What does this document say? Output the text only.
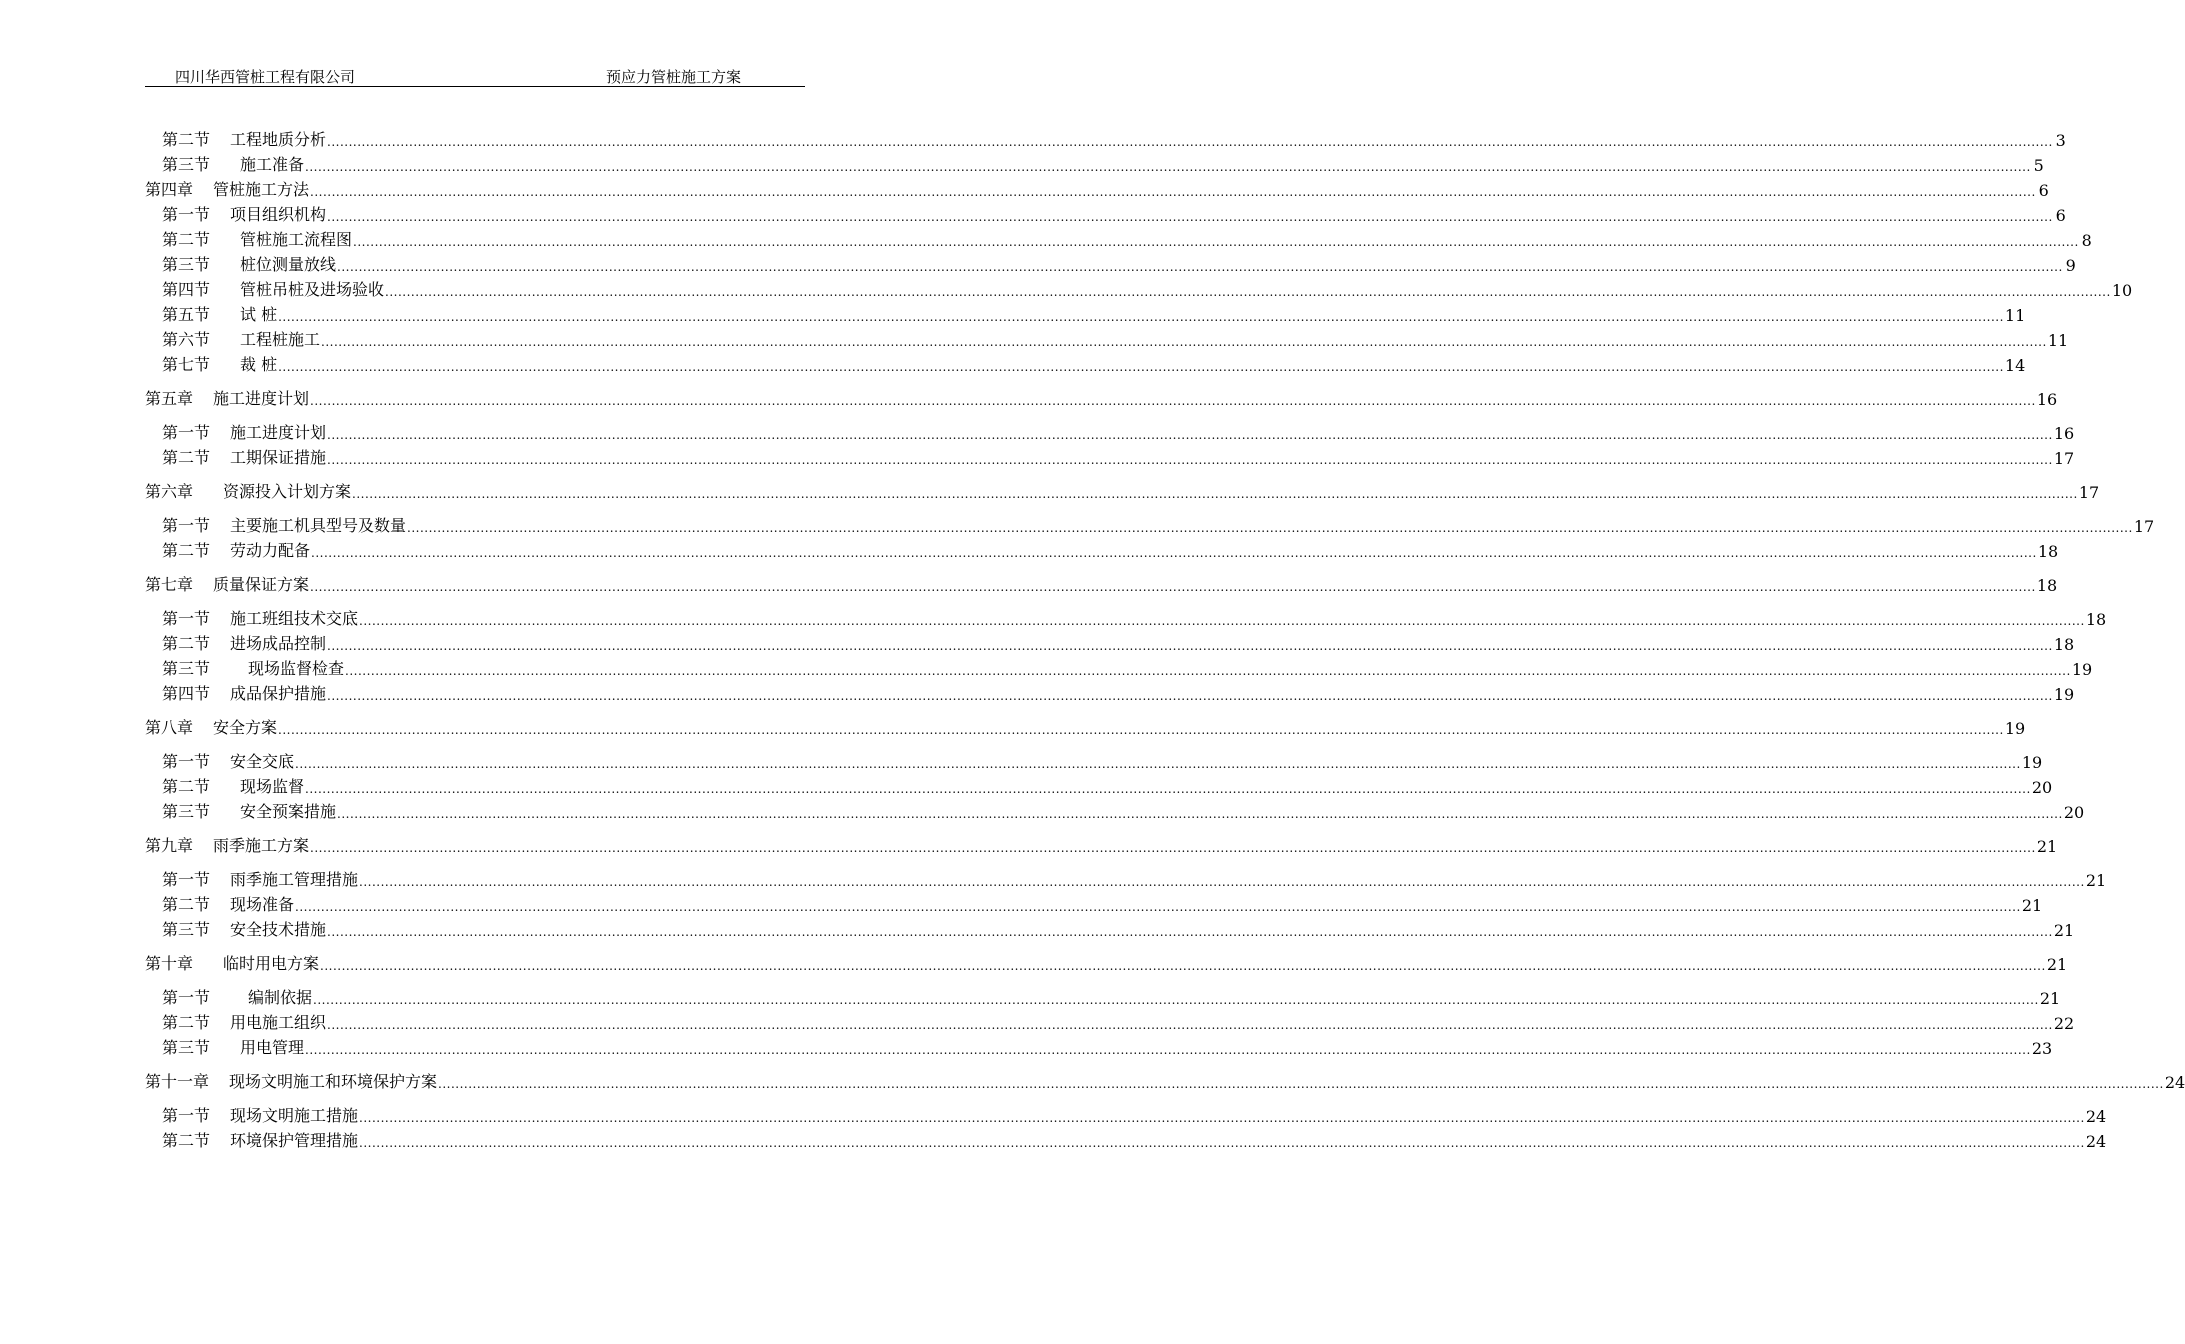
四川华西管桩工程有限公司	预应力管桩施工方案
第二节 工程地质分析 ................................................................................................................................................................................................................................................................................................................................................................................................................ 3
第三节 施工准备 ................................................................................................................................................................................................................................................................................................................................................................................................................ 5
第四章 管桩施工方法 ................................................................................................................................................................................................................................................................................................................................................................................................................ 6
第一节 项目组织机构 ................................................................................................................................................................................................................................................................................................................................................................................................................ 6
第二节 管桩施工流程图 ................................................................................................................................................................................................................................................................................................................................................................................................................ 8
第三节 桩位测量放线 ................................................................................................................................................................................................................................................................................................................................................................................................................ 9
第四节 管桩吊桩及进场验收 ................................................................................................................................................................................................................................................................................................................................................................................................................ 10
第五节 试 桩 ................................................................................................................................................................................................................................................................................................................................................................................................................ 11
第六节 工程桩施工 ................................................................................................................................................................................................................................................................................................................................................................................................................ 11
第七节 裁 桩 ................................................................................................................................................................................................................................................................................................................................................................................................................ 14
第五章 施工进度计划 ................................................................................................................................................................................................................................................................................................................................................................................................................ 16
第一节 施工进度计划 ................................................................................................................................................................................................................................................................................................................................................................................................................ 16
第二节 工期保证措施 ................................................................................................................................................................................................................................................................................................................................................................................................................ 17
第六章 资源投入计划方案 ................................................................................................................................................................................................................................................................................................................................................................................................................ 17
第一节 主要施工机具型号及数量 ................................................................................................................................................................................................................................................................................................................................................................................................................ 17
第二节 劳动力配备 ................................................................................................................................................................................................................................................................................................................................................................................................................ 18
第七章 质量保证方案 ................................................................................................................................................................................................................................................................................................................................................................................................................ 18
第一节 施工班组技术交底 ................................................................................................................................................................................................................................................................................................................................................................................................................ 18
第二节 进场成品控制 ................................................................................................................................................................................................................................................................................................................................................................................................................ 18
第三节 现场监督检查 ................................................................................................................................................................................................................................................................................................................................................................................................................ 19
第四节 成品保护措施 ................................................................................................................................................................................................................................................................................................................................................................................................................ 19
第八章 安全方案 ................................................................................................................................................................................................................................................................................................................................................................................................................ 19
第一节 安全交底 ................................................................................................................................................................................................................................................................................................................................................................................................................ 19
第二节 现场监督 ................................................................................................................................................................................................................................................................................................................................................................................................................ 20
第三节 安全预案措施 ................................................................................................................................................................................................................................................................................................................................................................................................................ 20
第九章 雨季施工方案 ................................................................................................................................................................................................................................................................................................................................................................................................................ 21
第一节 雨季施工管理措施 ................................................................................................................................................................................................................................................................................................................................................................................................................ 21
第二节 现场准备 ................................................................................................................................................................................................................................................................................................................................................................................................................ 21
第三节 安全技术措施 ................................................................................................................................................................................................................................................................................................................................................................................................................ 21
第十章 临时用电方案 ................................................................................................................................................................................................................................................................................................................................................................................................................ 21
第一节 编制依据 ................................................................................................................................................................................................................................................................................................................................................................................................................ 21
第二节 用电施工组织 ................................................................................................................................................................................................................................................................................................................................................................................................................ 22
第三节 用电管理 ................................................................................................................................................................................................................................................................................................................................................................................................................ 23
第十一章 现场文明施工和环境保护方案 ................................................................................................................................................................................................................................................................................................................................................................................................................ 24
第一节 现场文明施工措施 ................................................................................................................................................................................................................................................................................................................................................................................................................ 24
第二节 环境保护管理措施 ................................................................................................................................................................................................................................................................................................................................................................................................................ 24
